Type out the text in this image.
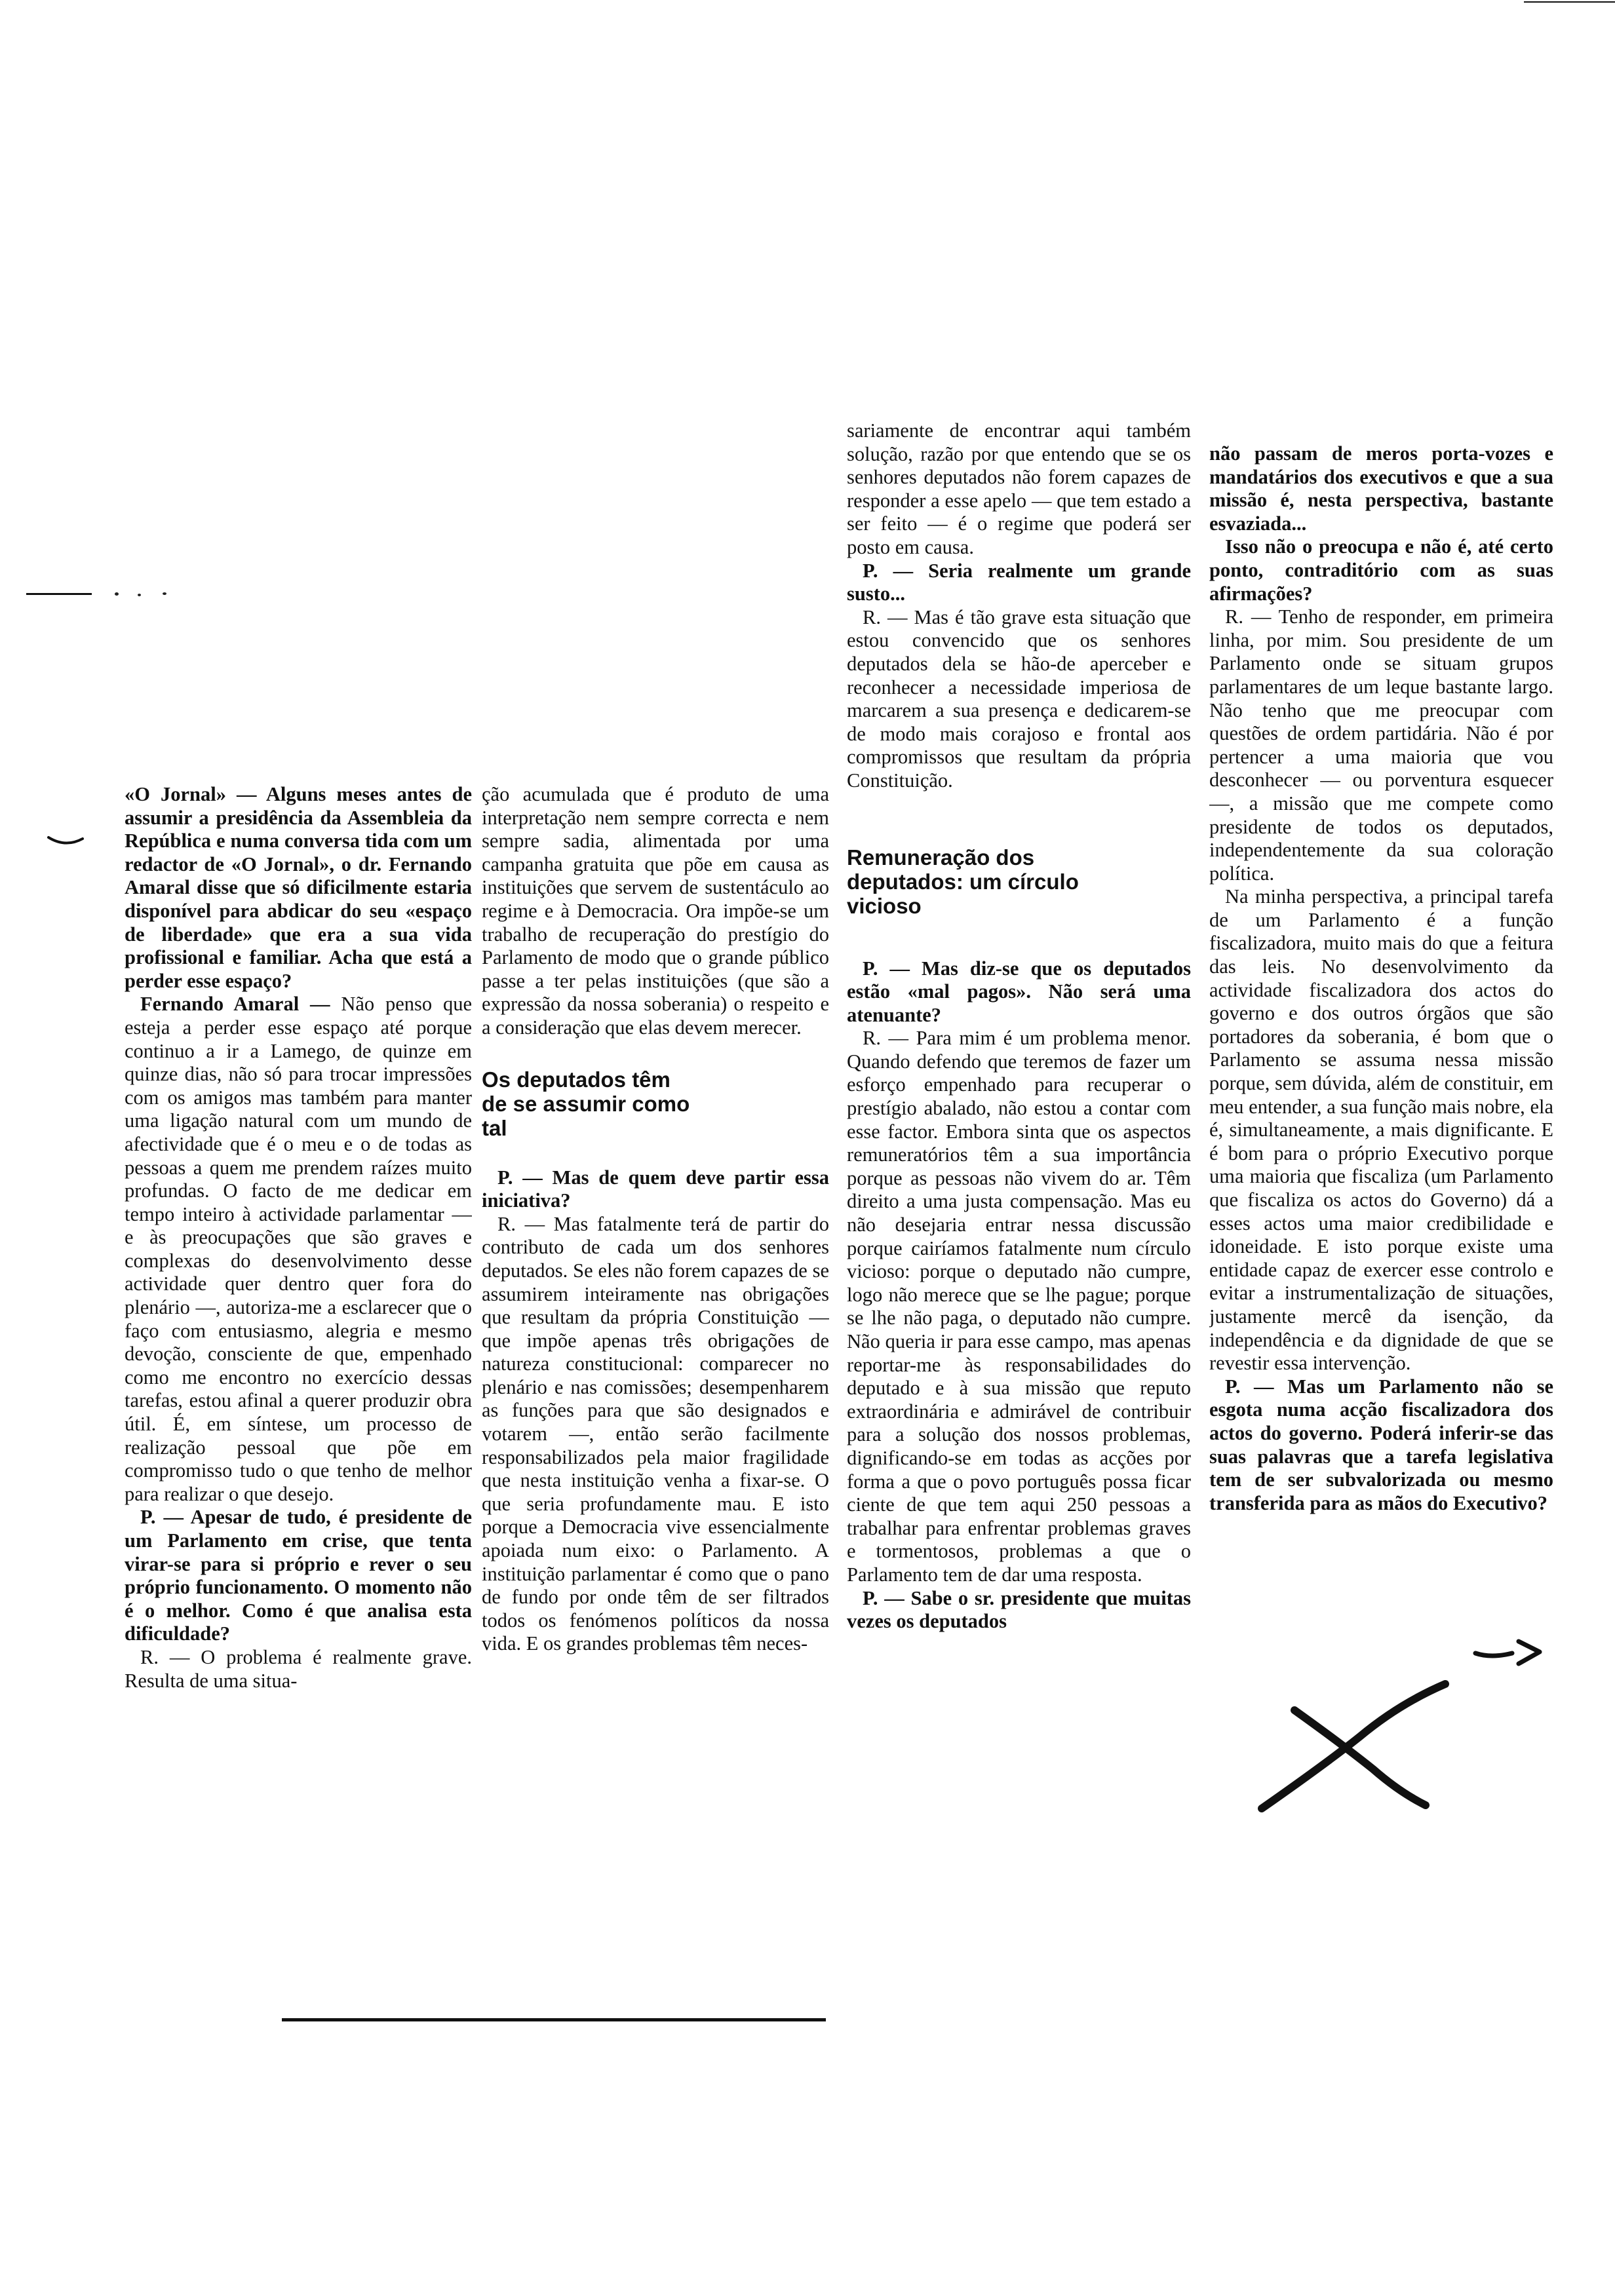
«O Jornal» — Alguns meses antes de assumir a presidência da Assembleia da República e numa conversa tida com um redactor de «O Jornal», o dr. Fernando Amaral disse que só dificilmente estaria disponível para abdicar do seu «espaço de liberdade» que era a sua vida profissional e familiar. Acha que está a perder esse espaço?

Fernando Amaral — Não penso que esteja a perder esse espaço até porque continuo a ir a Lamego, de quinze em quinze dias, não só para trocar impressões com os amigos mas também para manter uma ligação natural com um mundo de afectividade que é o meu e o de todas as pessoas a quem me prendem raízes muito profundas. O facto de me dedicar em tempo inteiro à actividade parlamentar — e às preocupações que são graves e complexas do desenvolvimento desse actividade quer dentro quer fora do plenário —, autoriza-me a esclarecer que o faço com entusiasmo, alegria e mesmo devoção, consciente de que, empenhado como me encontro no exercício dessas tarefas, estou afinal a querer produzir obra útil. É, em síntese, um processo de realização pessoal que põe em compromisso tudo o que tenho de melhor para realizar o que desejo.

P. — Apesar de tudo, é presidente de um Parlamento em crise, que tenta virar-se para si próprio e rever o seu próprio funcionamento. O momento não é o melhor. Como é que analisa esta dificuldade?

R. — O problema é realmente grave. Resulta de uma situa-

ção acumulada que é produto de uma interpretação nem sempre correcta e nem sempre sadia, alimentada por uma campanha gratuita que põe em causa as instituições que servem de sustentáculo ao regime e à Democracia. Ora impõe-se um trabalho de recuperação do prestígio do Parlamento de modo que o grande público passe a ter pelas instituições (que são a expressão da nossa soberania) o respeito e a consideração que elas devem merecer.

Os deputados têm de se assumir como tal

P. — Mas de quem deve partir essa iniciativa?

R. — Mas fatalmente terá de partir do contributo de cada um dos senhores deputados. Se eles não forem capazes de se assumirem inteiramente nas obrigações que resultam da própria Constituição — que impõe apenas três obrigações de natureza constitucional: comparecer no plenário e nas comissões; desempenharem as funções para que são designados e votarem —, então serão facilmente responsabilizados pela maior fragilidade que nesta instituição venha a fixar-se. O que seria profundamente mau. E isto porque a Democracia vive essencialmente apoiada num eixo: o Parlamento. A instituição parlamentar é como que o pano de fundo por onde têm de ser filtrados todos os fenómenos políticos da nossa vida. E os grandes problemas têm neces-

sariamente de encontrar aqui também solução, razão por que entendo que se os senhores deputados não forem capazes de responder a esse apelo — que tem estado a ser feito — é o regime que poderá ser posto em causa.

P. — Seria realmente um grande susto...

R. — Mas é tão grave esta situação que estou convencido que os senhores deputados dela se hão-de aperceber e reconhecer a necessidade imperiosa de marcarem a sua presença e dedicarem-se de modo mais corajoso e frontal aos compromissos que resultam da própria Constituição.

Remuneração dos deputados: um círculo vicioso

P. — Mas diz-se que os deputados estão «mal pagos». Não será uma atenuante?

R. — Para mim é um problema menor. Quando defendo que teremos de fazer um esforço empenhado para recuperar o prestígio abalado, não estou a contar com esse factor. Embora sinta que os aspectos remuneratórios têm a sua importância porque as pessoas não vivem do ar. Têm direito a uma justa compensação. Mas eu não desejaria entrar nessa discussão porque cairíamos fatalmente num círculo vicioso: porque o deputado não cumpre, logo não merece que se lhe pague; porque se lhe não paga, o deputado não cumpre. Não queria ir para esse campo, mas apenas reportar-me às responsabilidades do deputado e à sua missão que reputo extraordinária e admirável de contribuir para a solução dos nossos problemas, dignificando-se em todas as acções por forma a que o povo português possa ficar ciente de que tem aqui 250 pessoas a trabalhar para enfrentar problemas graves e tormentosos, problemas a que o Parlamento tem de dar uma resposta.

P. — Sabe o sr. presidente que muitas vezes os deputados

não passam de meros porta-vozes e mandatários dos executivos e que a sua missão é, nesta perspectiva, bastante esvaziada...

Isso não o preocupa e não é, até certo ponto, contraditório com as suas afirmações?

R. — Tenho de responder, em primeira linha, por mim. Sou presidente de um Parlamento onde se situam grupos parlamentares de um leque bastante largo. Não tenho que me preocupar com questões de ordem partidária. Não é por pertencer a uma maioria que vou desconhecer — ou porventura esquecer —, a missão que me compete como presidente de todos os deputados, independentemente da sua coloração política.

Na minha perspectiva, a principal tarefa de um Parlamento é a função fiscalizadora, muito mais do que a feitura das leis. No desenvolvimento da actividade fiscalizadora dos actos do governo e dos outros órgãos que são portadores da soberania, é bom que o Parlamento se assuma nessa missão porque, sem dúvida, além de constituir, em meu entender, a sua função mais nobre, ela é, simultaneamente, a mais dignificante. E é bom para o próprio Executivo porque uma maioria que fiscaliza (um Parlamento que fiscaliza os actos do Governo) dá a esses actos uma maior credibilidade e idoneidade. E isto porque existe uma entidade capaz de exercer esse controlo e evitar a instrumentalização de situações, justamente mercê da isenção, da independência e da dignidade de que se revestir essa intervenção.

P. — Mas um Parlamento não se esgota numa acção fiscalizadora dos actos do governo. Poderá inferir-se das suas palavras que a tarefa legislativa tem de ser subvalorizada ou mesmo transferida para as mãos do Executivo?
